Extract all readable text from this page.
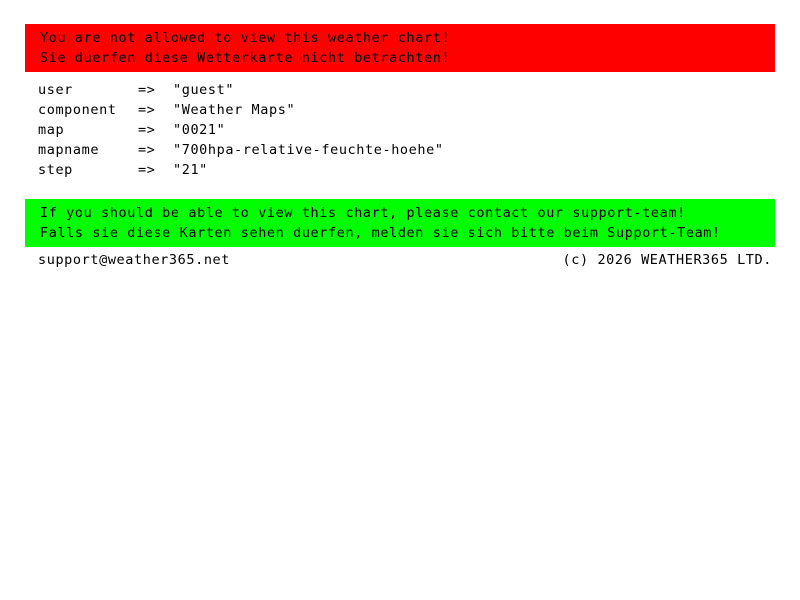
You are not allowed to view this weather chart!
Sie duerfen diese Wetterkarte nicht betrachten!
user	=>	"guest"
component	=>	"Weather Maps"
map	=>	"0021"
mapname	=>	"700hpa-relative-feuchte-hoehe"
step	=>	"21"
If you should be able to view this chart, please contact our support-team!
Falls sie diese Karten sehen duerfen, melden sie sich bitte beim Support-Team!
support@weather365.net	(c) 2026 WEATHER365 LTD.
